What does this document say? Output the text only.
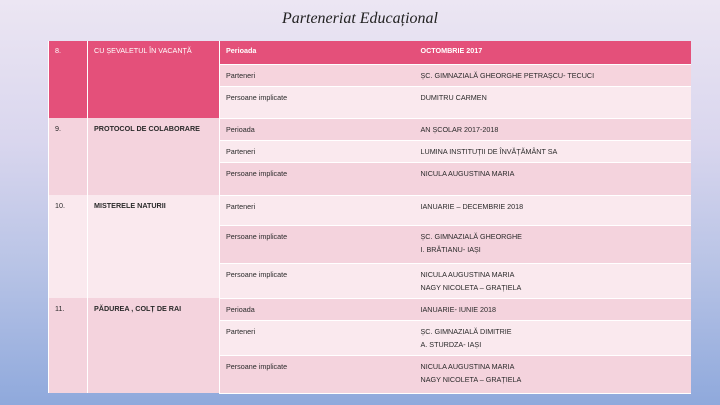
Parteneriat Educațional
8.	CU ȘEVALETUL ÎN VACANȚĂ	Perioada	OCTOMBRIE 2017
		Parteneri	ȘC. GIMNAZIALĂ GHEORGHE PETRAȘCU- TECUCI
		Persoane implicate	DUMITRU CARMEN
9.	PROTOCOL DE COLABORARE	Perioada	AN ȘCOLAR 2017-2018
		Parteneri	LUMINA INSTITUȚII DE ÎNVĂȚĂMÂNT SA
		Persoane implicate	NICULA AUGUSTINA MARIA
10.	MISTERELE NATURII	Parteneri	IANUARIE – DECEMBRIE 2018
		Persoane implicate	ȘC. GIMNAZIALĂ GHEORGHE
I. BRĂTIANU- IAȘI

		Persoane implicate	NICULA AUGUSTINA MARIA
NAGY NICOLETA – GRAȚIELA

11.	PĂDUREA , COLȚ DE RAI	Perioada	IANUARIE- IUNIE 2018
		Parteneri	ȘC. GIMNAZIALĂ DIMITRIE
A. STURDZA- IAȘI

		Persoane implicate	NICULA AUGUSTINA MARIA
NAGY NICOLETA – GRAȚIELA
